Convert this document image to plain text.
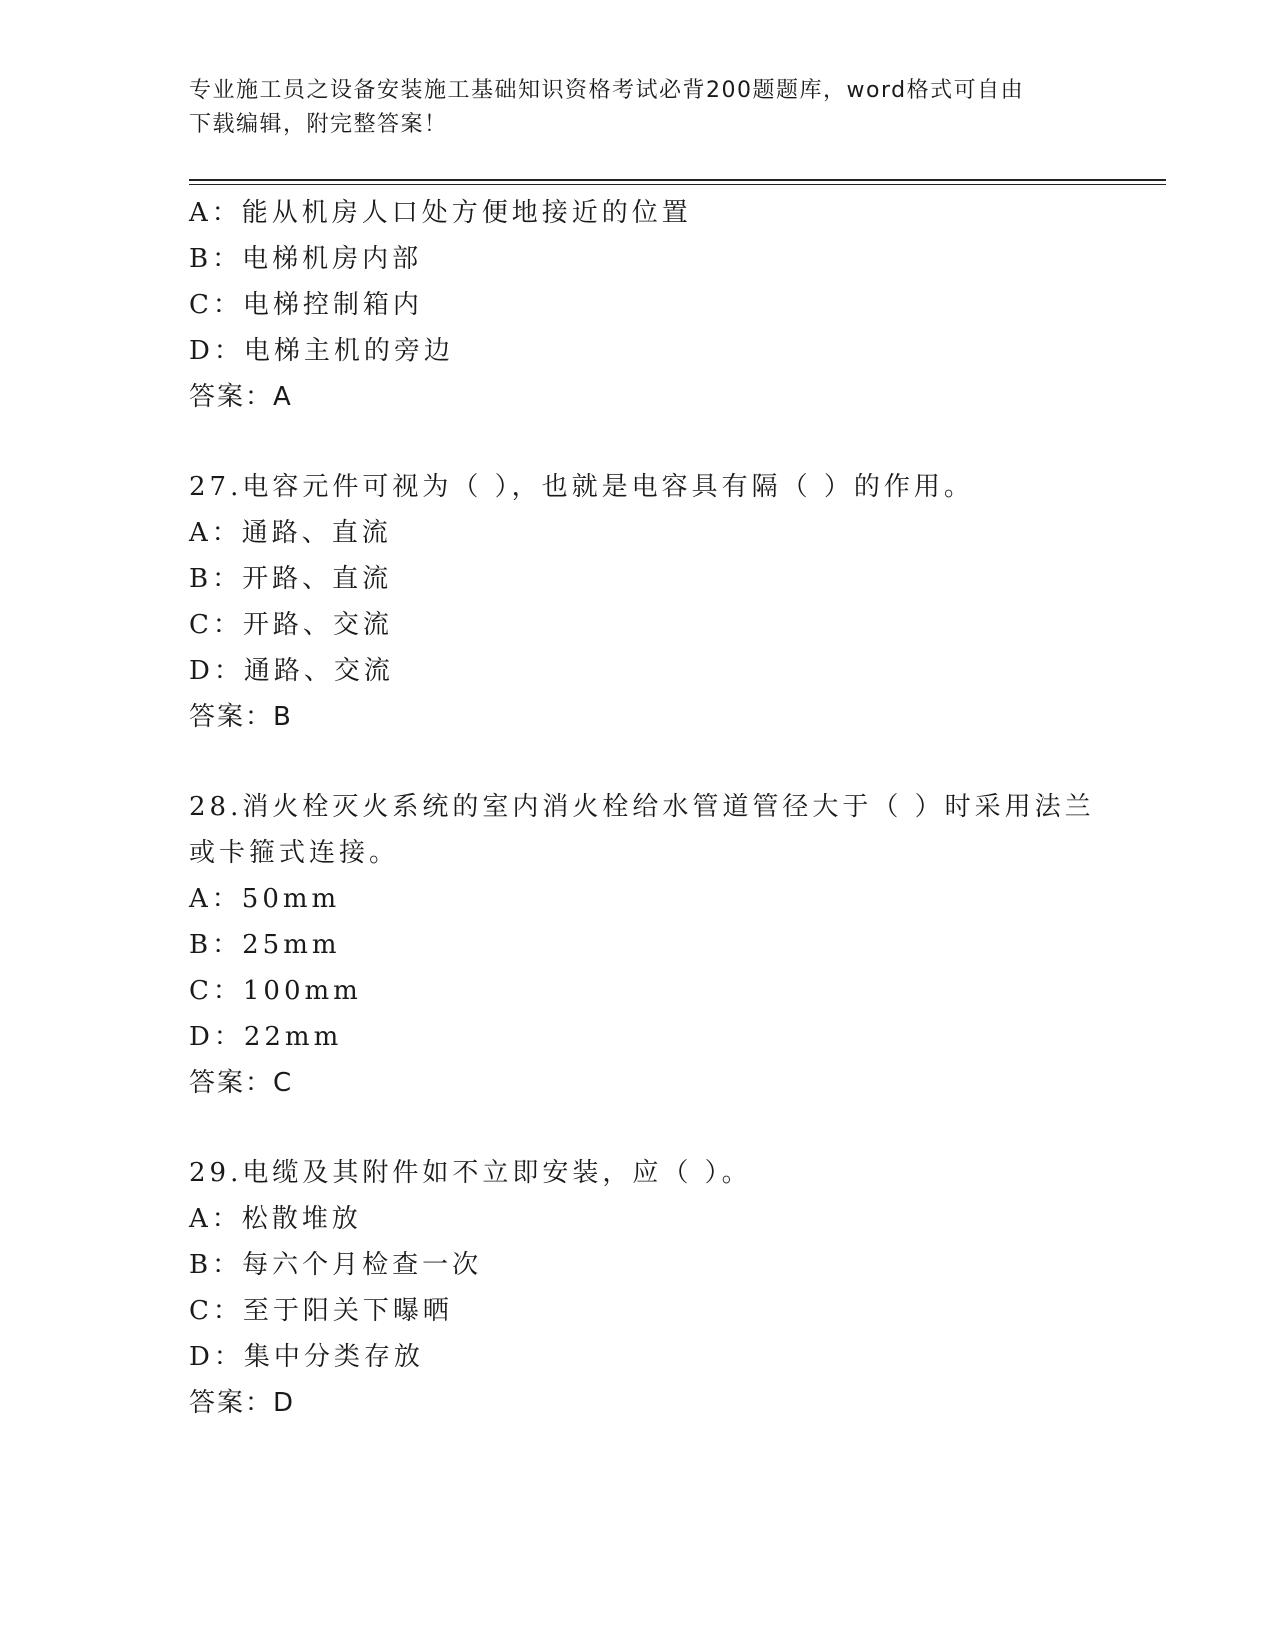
专业施工员之设备安装施工基础知识资格考试必背200题题库，word格式可自由
下载编辑，附完整答案！
A：能从机房人口处方便地接近的位置
B：电梯机房内部
C：电梯控制箱内
D：电梯主机的旁边
答案：A
27.电容元件可视为（ ），也就是电容具有隔（ ）的作用。
A：通路、直流
B：开路、直流
C：开路、交流
D：通路、交流
答案：B
28.消火栓灭火系统的室内消火栓给水管道管径大于（ ）时采用法兰
或卡箍式连接。
A：50mm
B：25mm
C：100mm
D：22mm
答案：C
29.电缆及其附件如不立即安装，应（ ）。
A：松散堆放
B：每六个月检查一次
C：至于阳关下曝晒
D：集中分类存放
答案：D
